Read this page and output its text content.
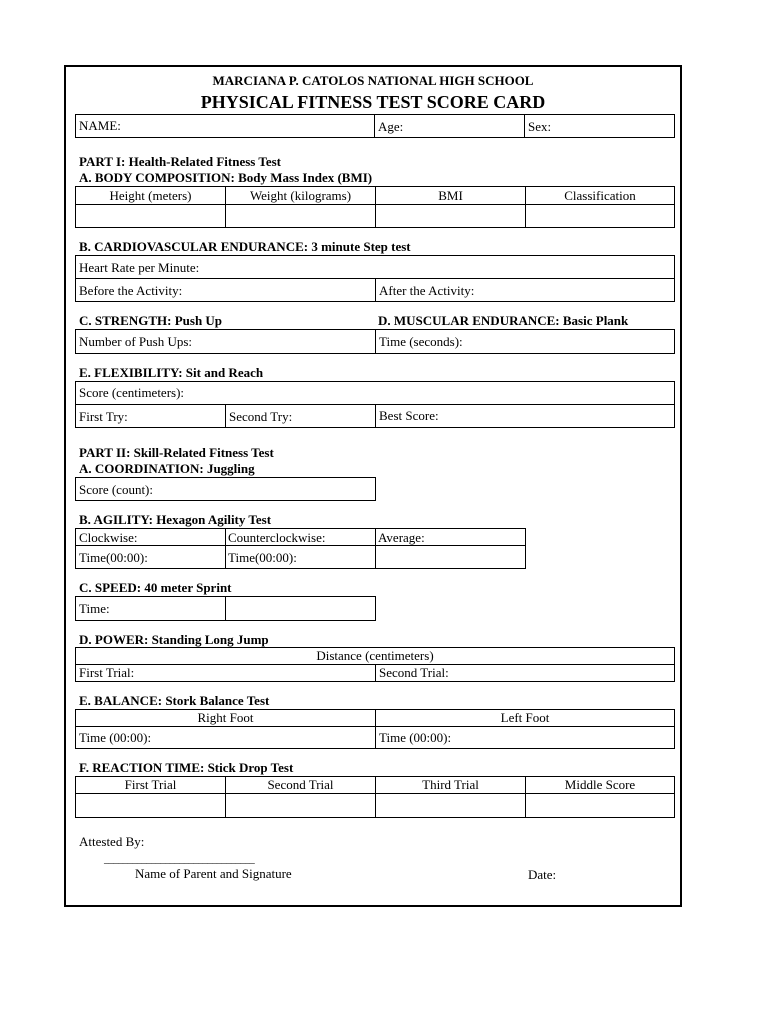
MARCIANA P. CATOLOS NATIONAL HIGH SCHOOL
PHYSICAL FITNESS TEST SCORE CARD
NAME:	Age:	Sex:
PART I: Health-Related Fitness Test
A. BODY COMPOSITION: Body Mass Index (BMI)
Height (meters)	Weight (kilograms)	BMI	Classification
B. CARDIOVASCULAR ENDURANCE: 3 minute Step test
Heart Rate per Minute:
Before the Activity:	After the Activity:
C. STRENGTH: Push Up	D. MUSCULAR ENDURANCE: Basic Plank
Number of Push Ups:	Time (seconds):
E. FLEXIBILITY: Sit and Reach
Score (centimeters):
First Try:	Second Try:	Best Score:
PART II: Skill-Related Fitness Test
A. COORDINATION: Juggling
Score (count):
B. AGILITY: Hexagon Agility Test
Clockwise:	Counterclockwise:	Average:
Time(00:00):	Time(00:00):
C. SPEED: 40 meter Sprint
Time:
D. POWER: Standing Long Jump
Distance (centimeters)
First Trial:	Second Trial:
E. BALANCE: Stork Balance Test
Right Foot	Left Foot
Time (00:00):	Time (00:00):
F. REACTION TIME: Stick Drop Test
First Trial	Second Trial	Third Trial	Middle Score
Attested By:
________________________________
Name of Parent and Signature	Date:
